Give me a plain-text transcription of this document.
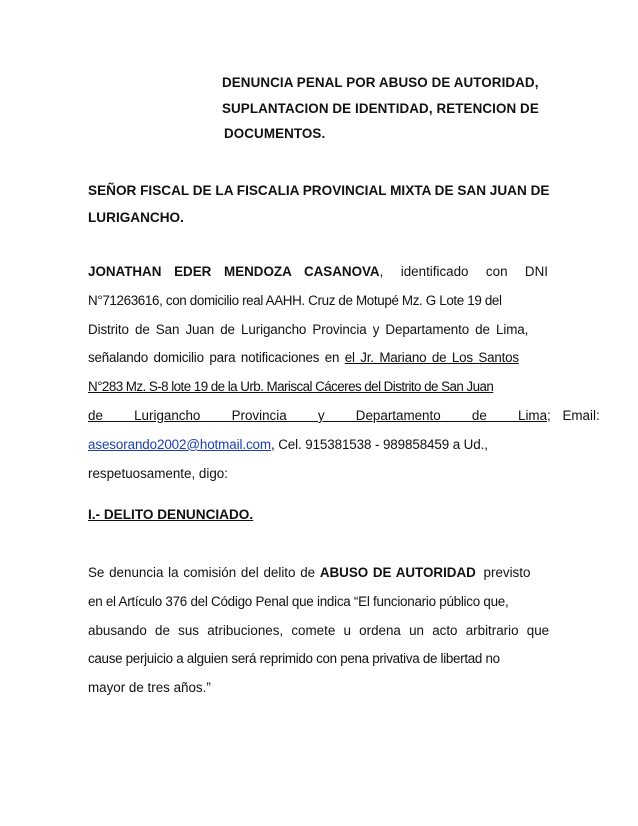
DENUNCIA PENAL POR ABUSO DE AUTORIDAD,
SUPLANTACION DE IDENTIDAD, RETENCION DE
DOCUMENTOS.
SEÑOR FISCAL DE LA FISCALIA PROVINCIAL MIXTA DE SAN JUAN DE
LURIGANCHO.
JONATHAN EDER MENDOZA CASANOVA , identificado con DNI
N°71263616, con domicilio real AAHH. Cruz de Motupé Mz. G Lote 19 del
Distrito de San Juan de Lurigancho Provincia y Departamento de Lima,
señalando domicilio para notificaciones en el Jr. Mariano de Los Santos
N°283 Mz. S-8 lote 19 de la Urb. Mariscal Cáceres del Distrito de San Juan
de Lurigancho Provincia y Departamento de Lima ; Email:
asesorando2002@hotmail.com, Cel. 915381538 - 989858459 a Ud.,
respetuosamente, digo:
I.- DELITO DENUNCIADO.
Se denuncia la comisión del delito de ABUSO DE AUTORIDAD previsto
en el Artículo 376 del Código Penal que indica “El funcionario público que,
abusando de sus atribuciones, comete u ordena un acto arbitrario que
cause perjuicio a alguien será reprimido con pena privativa de libertad no
mayor de tres años.”
